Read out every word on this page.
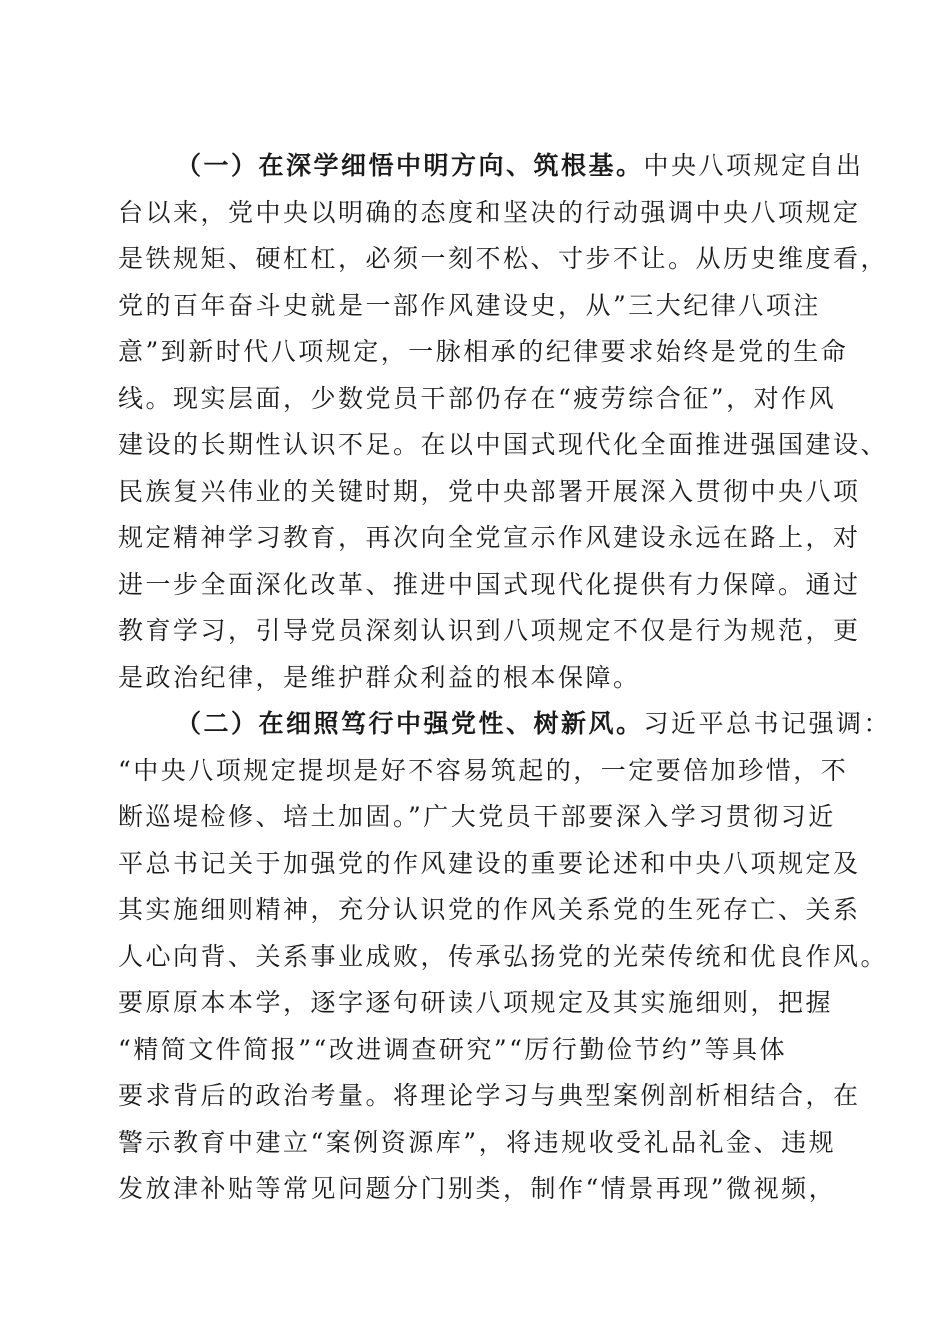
（一）在深学细悟中明方向、筑根基。中央八项规定自出
台以来，党中央以明确的态度和坚决的行动强调中央八项规定
是铁规矩、硬杠杠，必须一刻不松、寸步不让。从历史维度看，
党的百年奋斗史就是一部作风建设史，从”三大纪律八项注
意”到新时代八项规定，一脉相承的纪律要求始终是党的生命
线。现实层面，少数党员干部仍存在“疲劳综合征”，对作风
建设的长期性认识不足。在以中国式现代化全面推进强国建设、
民族复兴伟业的关键时期，党中央部署开展深入贯彻中央八项
规定精神学习教育，再次向全党宣示作风建设永远在路上，对
进一步全面深化改革、推进中国式现代化提供有力保障。通过
教育学习，引导党员深刻认识到八项规定不仅是行为规范，更
是政治纪律，是维护群众利益的根本保障。
（二）在细照笃行中强党性、树新风。习近平总书记强调：
“中央八项规定提坝是好不容易筑起的，一定要倍加珍惜，不
断巡堤检修、培土加固。”广大党员干部要深入学习贯彻习近
平总书记关于加强党的作风建设的重要论述和中央八项规定及
其实施细则精神，充分认识党的作风关系党的生死存亡、关系
人心向背、关系事业成败，传承弘扬党的光荣传统和优良作风。
要原原本本学，逐字逐句研读八项规定及其实施细则，把握
“精简文件简报”“改进调查研究”“厉行勤俭节约”等具体
要求背后的政治考量。将理论学习与典型案例剖析相结合，在
警示教育中建立“案例资源库”，将违规收受礼品礼金、违规
发放津补贴等常见问题分门别类，制作“情景再现”微视频，
